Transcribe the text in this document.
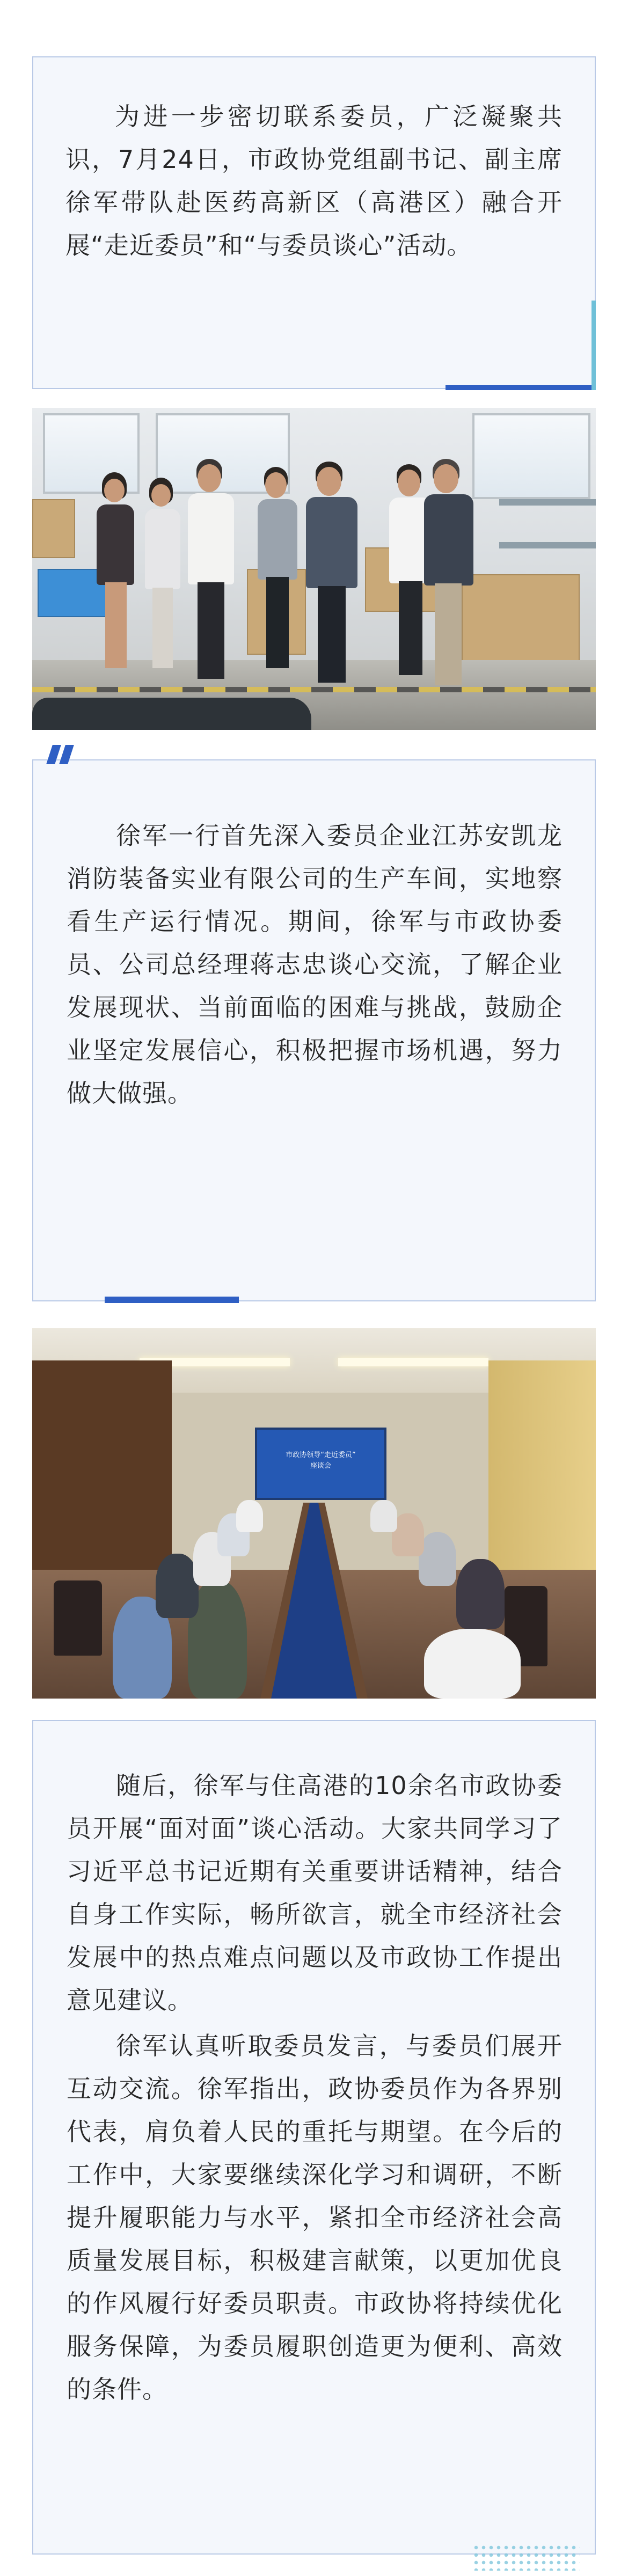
为进一步密切联系委员，广泛凝聚共识，7月24日，市政协党组副书记、副主席徐军带队赴医药高新区（高港区）融合开展“走近委员”和“与委员谈心”活动。

徐军一行首先深入委员企业江苏安凯龙消防装备实业有限公司的生产车间，实地察看生产运行情况。期间，徐军与市政协委员、公司总经理蒋志忠谈心交流，了解企业发展现状、当前面临的困难与挑战，鼓励企业坚定发展信心，积极把握市场机遇，努力做大做强。

市政协领导“走近委员”
座谈会

随后，徐军与住高港的10余名市政协委员开展“面对面”谈心活动。大家共同学习了习近平总书记近期有关重要讲话精神，结合自身工作实际，畅所欲言，就全市经济社会发展中的热点难点问题以及市政协工作提出意见建议。

徐军认真听取委员发言，与委员们展开互动交流。徐军指出，政协委员作为各界别代表，肩负着人民的重托与期望。在今后的工作中，大家要继续深化学习和调研，不断提升履职能力与水平，紧扣全市经济社会高质量发展目标，积极建言献策，以更加优良的作风履行好委员职责。市政协将持续优化服务保障，为委员履职创造更为便利、高效的条件。
